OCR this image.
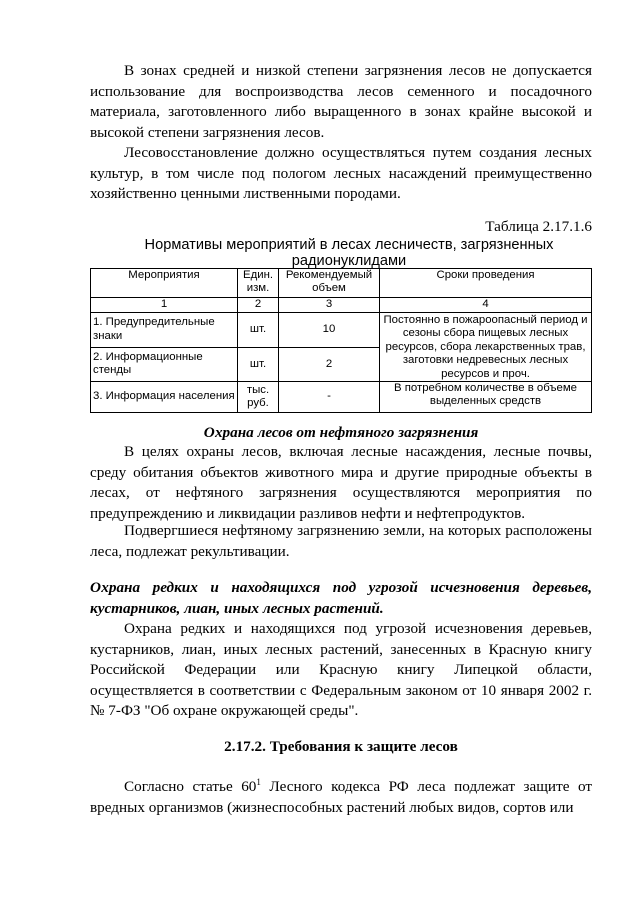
В зонах средней и низкой степени загрязнения лесов не допускается использование для воспроизводства лесов семенного и посадочного материала, заготовленного либо выращенного в зонах крайне высокой и высокой степени загрязнения лесов.

Лесовосстановление должно осуществляться путем создания лесных культур, в том числе под пологом лесных насаждений преимущественно хозяйственно ценными лиственными породами.

Таблица 2.17.1.6

Нормативы мероприятий в лесах лесничеств, загрязненных радионуклидами

Мероприятия	Един. изм.	Рекомендуемый объем	Сроки проведения
1	2	3	4
1. Предупредительные знаки	шт.	10	Постоянно в пожароопасный период и сезоны сбора пищевых лесных ресурсов, сбора лекарственных трав, заготовки недревесных лесных ресурсов и проч.
2. Информационные стенды	шт.	2	
3. Информация населения	тыс. руб.	-	В потребном количестве в объеме выделенных средств

Охрана лесов от нефтяного загрязнения

В целях охраны лесов, включая лесные насаждения, лесные почвы, среду обитания объектов животного мира и другие природные объекты в лесах, от нефтяного загрязнения осуществляются мероприятия по предупреждению и ликвидации разливов нефти и нефтепродуктов.

Подвергшиеся нефтяному загрязнению земли, на которых расположены леса, подлежат рекультивации.

Охрана редких и находящихся под угрозой исчезновения деревьев, кустарников, лиан, иных лесных растений.

Охрана редких и находящихся под угрозой исчезновения деревьев, кустарников, лиан, иных лесных растений, занесенных в Красную книгу Российской Федерации или Красную книгу Липецкой области, осуществляется в соответствии с Федеральным законом от 10 января 2002 г. № 7-ФЗ "Об охране окружающей среды".

2.17.2. Требования к защите лесов

Согласно статье $60^1$ Лесного кодекса РФ леса подлежат защите от вредных организмов (жизнеспособных растений любых видов, сортов или
